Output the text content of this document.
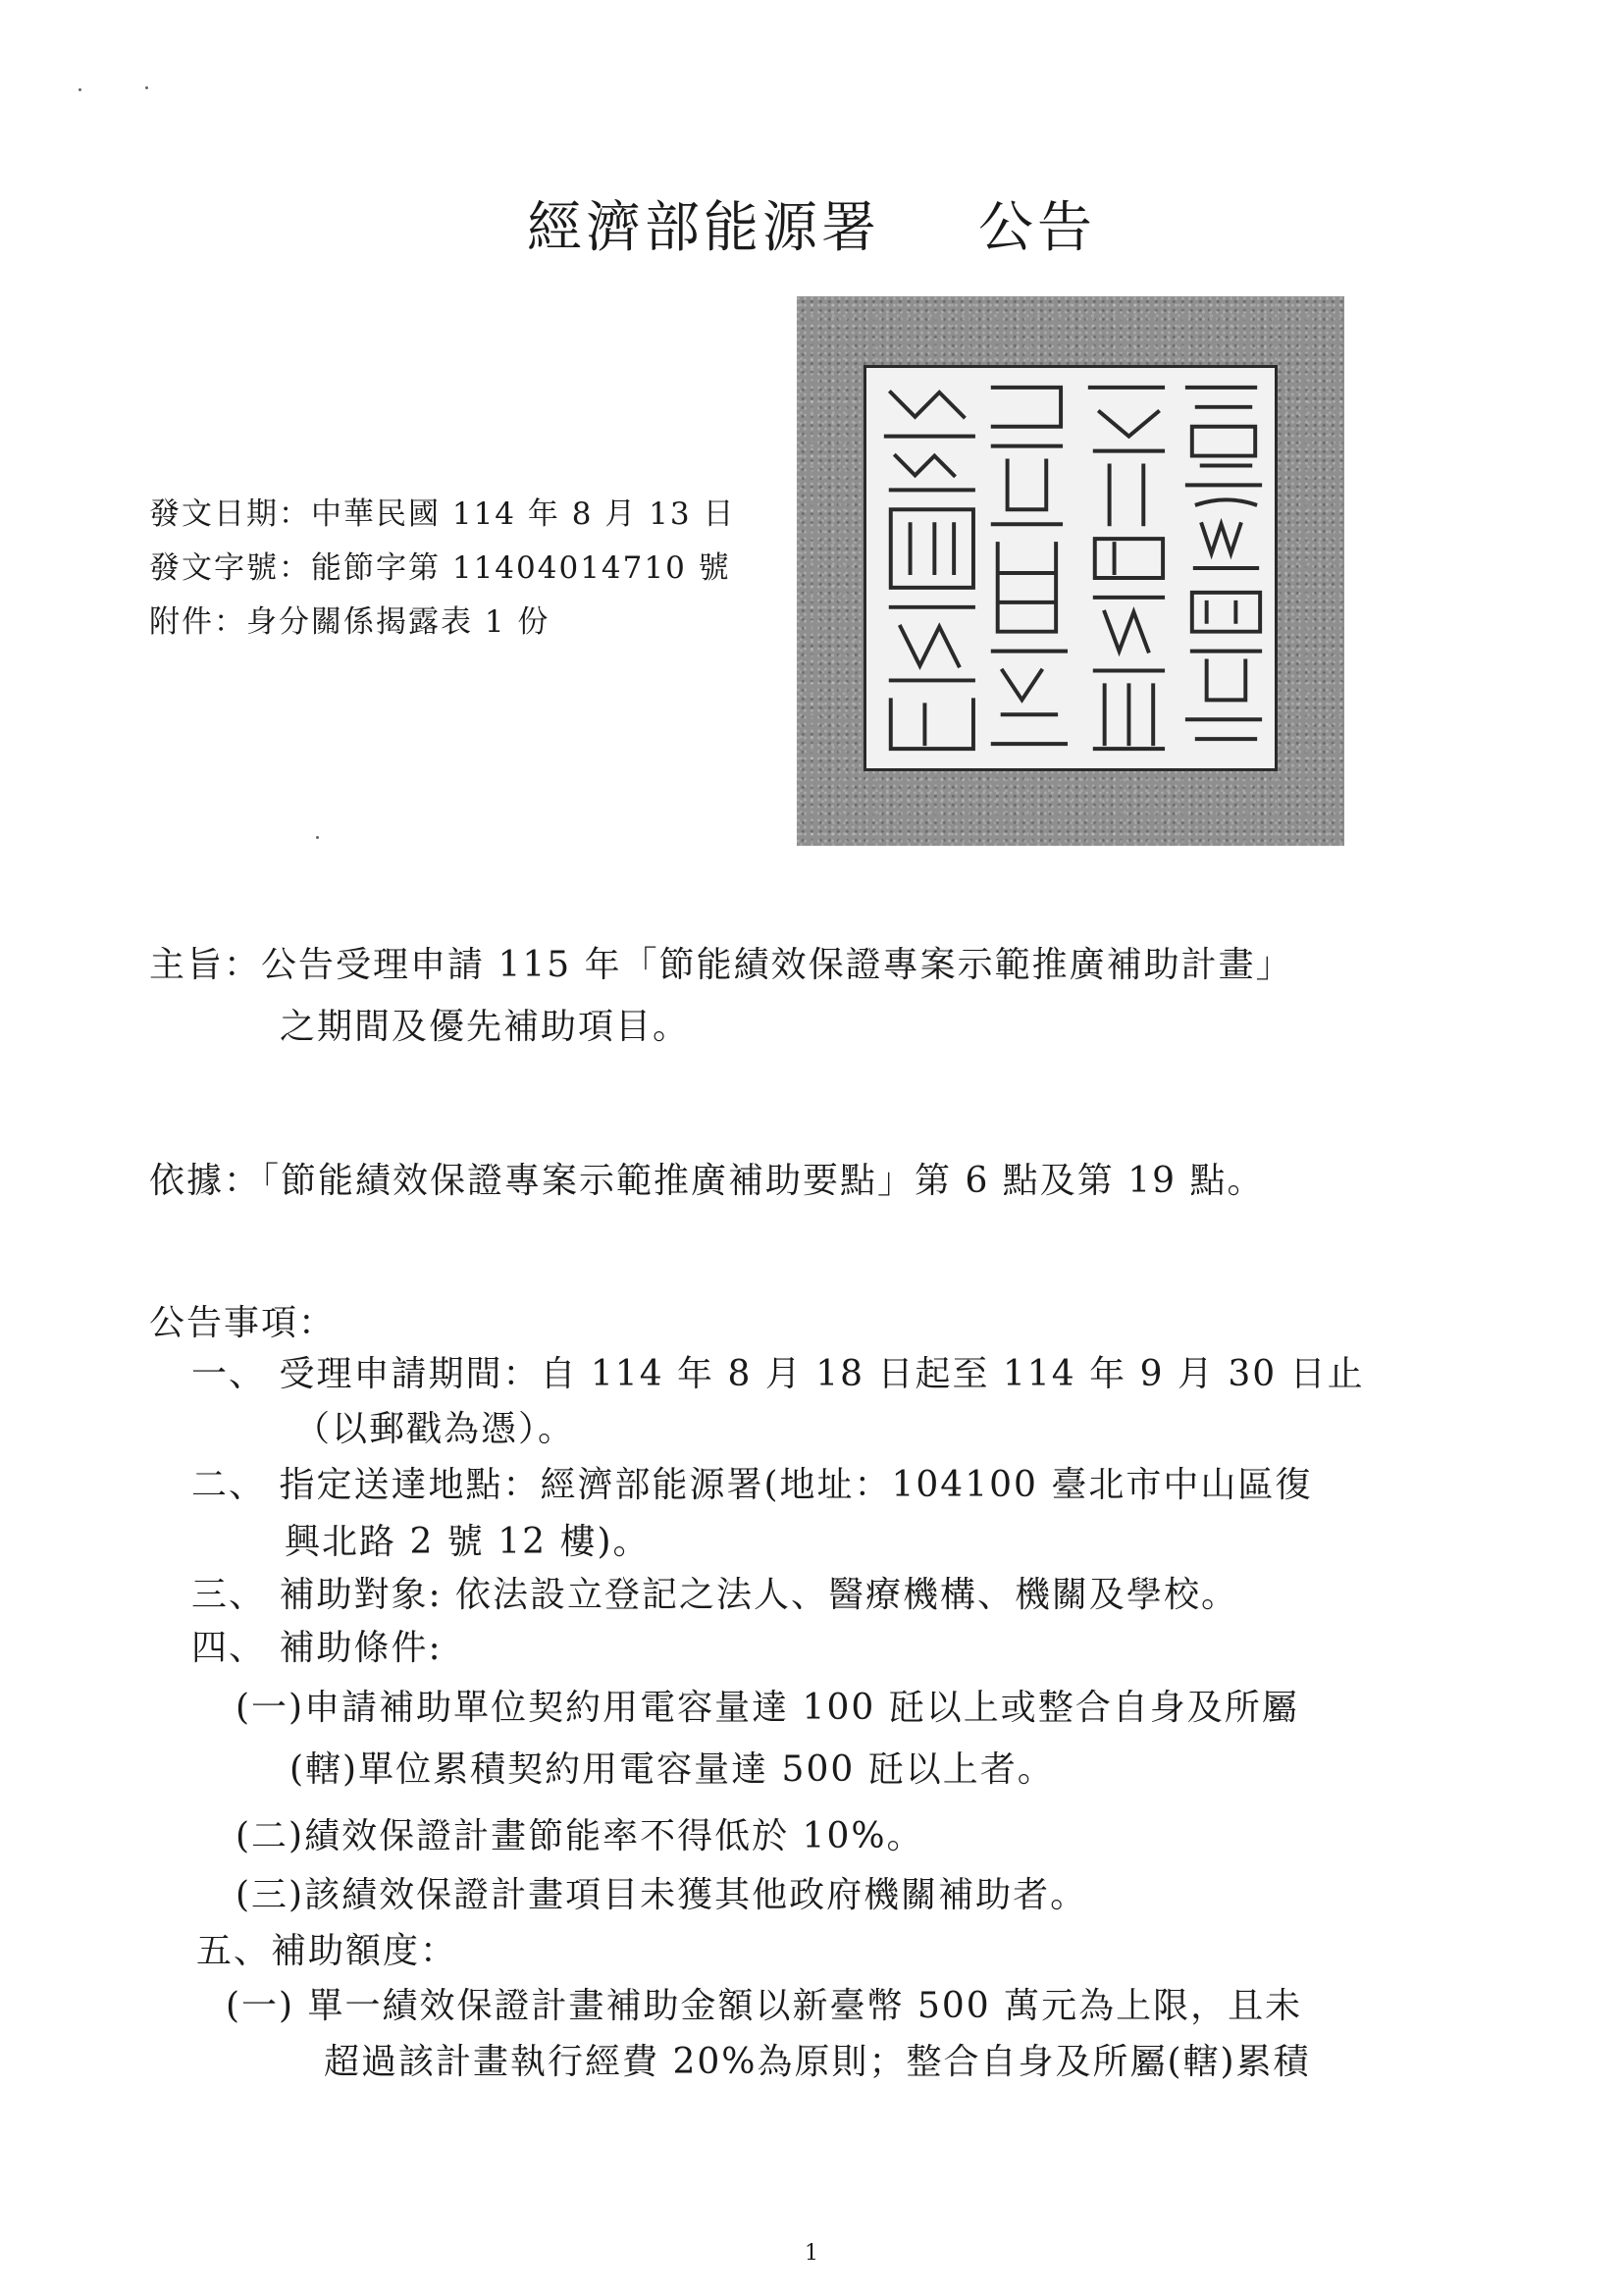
經濟部能源署 公告
發文日期：中華民國 114 年 8 月 13 日
發文字號：能節字第 11404014710 號
附件：身分關係揭露表 1 份
主旨：公告受理申請 115 年「節能績效保證專案示範推廣補助計畫」
之期間及優先補助項目。
依據：「節能績效保證專案示範推廣補助要點」第 6 點及第 19 點。
公告事項：
一、 受理申請期間：自 114 年 8 月 18 日起至 114 年 9 月 30 日止
（以郵戳為憑）。
二、 指定送達地點：經濟部能源署(地址：104100 臺北市中山區復
興北路 2 號 12 樓)。
三、 補助對象: 依法設立登記之法人、醫療機構、機關及學校。
四、 補助條件:
(一)申請補助單位契約用電容量達 100 瓩以上或整合自身及所屬
(轄)單位累積契約用電容量達 500 瓩以上者。
(二)績效保證計畫節能率不得低於 10%。
(三)該績效保證計畫項目未獲其他政府機關補助者。
五、補助額度：
(一) 單一績效保證計畫補助金額以新臺幣 500 萬元為上限，且未
超過該計畫執行經費 20%為原則；整合自身及所屬(轄)累積
1
